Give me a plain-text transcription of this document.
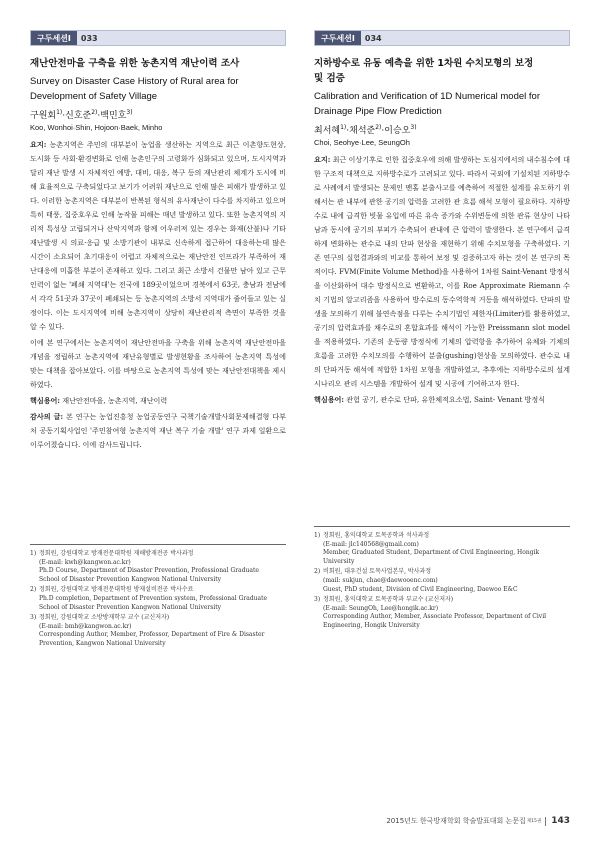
구두세션Ⅰ	033
재난안전마을 구축을 위한 농촌지역 재난이력 조사
Survey on Disaster Case History of Rural area for
Development of Safety Village
구원회$^{1)}$·신호준$^{2)}$·백민호$^{3)}$
Koo, Wonhoi·Shin, Hojoon·Baek, Minho

요지: 농촌지역은 주민의 대부분이 농업을 생산하는 지역으로 최근 이촌향도현상, 도시화 등 사회·환경변화로 인해 농촌인구의 고령화가 심화되고 있으며, 도시지역과 달리 재난 발생 시 자체적인 예방, 대비, 대응, 복구 등의 재난관리 체계가 도시에 비해 효율적으로 구축되었다고 보기가 어려워 재난으로 인해 많은 피해가 발생하고 있다. 이러한 농촌지역은 대부분이 반복된 형식의 유사재난이 다수를 차지하고 있으며 특히 태풍, 집중호우로 인해 농작물 피해는 매년 발생하고 있다. 또한 농촌지역의 지리적 특성상 고립되거나 산악지역과 함께 어우러져 있는 경우는 화재(산불)나 기타 재난발생 시 의료·응급 및 소방기관이 내부로 신속하게 접근하여 대응하는데 많은 시간이 소요되어 초기대응이 어렵고 자체적으로는 재난안전 인프라가 부족하여 재난대응에 미흡한 부분이 존재하고 있다. 그리고 최근 소방서 건물만 남아 있고 근무 인력이 없는 '폐쇄 지역대'는 전국에 189곳이었으며 경북에서 63곳, 충남과 전남에서 각각 51곳과 37곳이 폐쇄되는 등 농촌지역의 소방서 지역대가 줄어들고 있는 실정이다. 이는 도시지역에 비해 농촌지역이 상당히 재난관리적 측면이 부족한 것을 알 수 있다.

이에 본 연구에서는 농촌지역이 재난안전마을 구축을 위해 농촌지역 재난안전마을 개념을 정립하고 농촌지역에 재난유형별로 발생현황을 조사하여 농촌지역 특성에 맞는 대책을 잡아보았다. 이를 바탕으로 농촌지역 특성에 맞는 재난안전대책을 제시하였다.

핵심용어: 재난안전마을, 농촌지역, 재난이력

감사의 글: 본 연구는 농업진흥청 농업공동연구 국책기술개발사회문제해결형 다부처 공동기획사업인 '주민참여형 농촌지역 재난 복구 기술 개발' 연구 과제 일환으로 이루어졌습니다. 이에 감사드립니다.

1) 정회원, 강원대학교 방재전문대학원 재해방재전공 박사과정
(E-mail: kwh@kangwon.ac.kr)
Ph.D Course, Department of Disaster Prevention, Professional Graduate
School of Disaster Prevention Kangwon National University
2) 정회원, 강원대학교 방재전문대학원 방재설비전공 박사수료
Ph.D completion, Department of Prevention system, Professional Graduate
School of Disaster Prevention Kangwon National University
3) 정회원, 강원대학교 소방방재학부 교수 (교신저자)
(E-mail: bmh@kangwon.ac.kr)
Corresponding Author, Member, Professor, Department of Fire & Disaster
Prevention, Kangwon National University
구두세션Ⅰ	034
지하방수로 유동 예측을 위한 1차원 수치모형의 보정
및 검증
Calibration and Verification of 1D Numerical model for
Drainage Pipe Flow Prediction
최서혜$^{1)}$·채석준$^{2)}$·이승오$^{3)}$
Choi, Seohye·Lee, SeungOh

요지: 최근 이상기후로 인한 집중호우에 의해 발생하는 도심지에서의 내수침수에 대한 구조적 대책으로 지하방수로가 고려되고 있다. 따라서 국외에 기설치된 지하방수로 사례에서 발생되는 문제인 맨홀 분출사고를 예측하여 적절한 설계를 유도하기 위해서는 관 내부에 관한 공기의 압력을 고려한 관 흐름 해석 모형이 필요하다. 지하방수로 내에 급격한 빗물 유입에 따른 유속 증가와 수위변동에 의한 관류 현상이 나타남과 동시에 공기의 부피가 수축되어 관내에 큰 압력이 발생한다. 본 연구에서 급격하게 변화하는 관수로 내의 단파 현상을 재현하기 위해 수치모형을 구축하였다. 기존 연구의 실험결과와의 비교를 통하여 보정 및 검증하고자 하는 것이 본 연구의 목적이다. FVM(Finite Volume Method)을 사용하여 1차원 Saint-Venant 방정식을 이산화하여 대수 방정식으로 변환하고, 이를 Roe Approximate Riemann 수치 기법의 알고리즘을 사용하여 방수로의 동수역학적 거동을 해석하였다. 단파의 발생을 모의하기 위해 불연속점을 다루는 수치기법인 제한자(Limiter)를 활용하였고, 공기의 압력효과를 채수로의 혼합효과를 해석이 가능한 Preissmann slot model을 적용하였다. 기존의 운동량 방정식에 기체의 압력항을 추가하여 유체와 기체의 흐름을 고려한 수치모의를 수행하여 분출(gushing)현상을 모의하였다. 관수로 내의 단파거동 해석에 적합한 1차원 모형을 개발하였고, 추후에는 지하방수로의 설계 시나리오 관리 시스템을 개발하여 설계 및 시공에 기여하고자 한다.

핵심용어: 관험 공기, 관수로 단파, 유한체적요소법, Saint- Venant 방정식

1) 정회원, 홍익대학교 토목공학과 석사과정
(E-mail: jlc140568@gmail.com)
Member, Graduated Student, Department of Civil Engineering, Hongik
University
2) 비회원, 대우건설 토목사업본부, 박사과정
(mail: sukjun, chae@daewooenc.com)
Guest, PhD student, Division of Civil Engineering, Daewoo E&C
3) 정회원, 홍익대학교 토목공학과 부교수 (교신저자)
(E-mail: SeungOh, Lee@hongik.ac.kr)
Corresponding Author, Member, Associate Professor, Department of Civil
Engineering, Hongik University
2015년도 한국방재학회 학술발표대회 논문집 제15권 143
